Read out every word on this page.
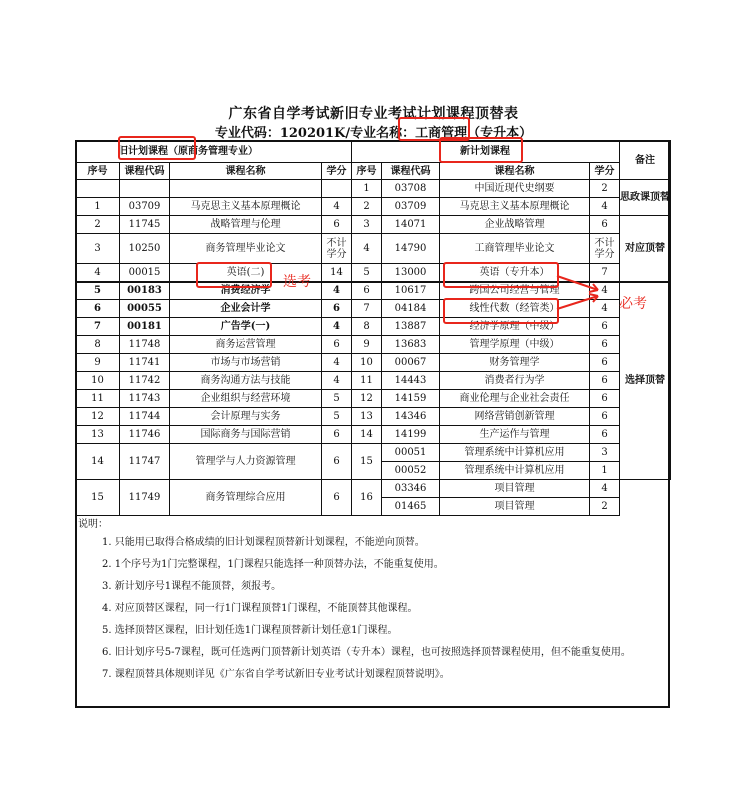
广东省自学考试新旧专业考试计划课程顶替表
专业代码：120201K/专业名称：工商管理（专升本）
旧计划课程（原商务管理专业）				新计划课程				备注
序号	课程代码	课程名称	学分	序号	课程代码	课程名称	学分	
				1	03708	中国近现代史纲要	2	思政课顶替
1	03709	马克思主义基本原理概论	4	2	03709	马克思主义基本原理概论	4	
2	11745	战略管理与伦理	6	3	14071	企业战略管理	6	对应顶替
3	10250	商务管理毕业论文	不计学分	4	14790	工商管理毕业论文	不计学分	
4	00015	英语(二)	14	5	13000	英语（专升本）	7	
5	00183	消费经济学	4	6	10617	跨国公司经营与管理	4	选择顶替
6	00055	企业会计学	6	7	04184	线性代数（经管类）	4	
7	00181	广告学(一)	4	8	13887	经济学原理（中级）	6	
8	11748	商务运营管理	6	9	13683	管理学原理（中级）	6	
9	11741	市场与市场营销	4	10	00067	财务管理学	6	
10	11742	商务沟通方法与技能	4	11	14443	消费者行为学	6	
11	11743	企业组织与经营环境	5	12	14159	商业伦理与企业社会责任	6	
12	11744	会计原理与实务	5	13	14346	网络营销创新管理	6	
13	11746	国际商务与国际营销	6	14	14199	生产运作与管理	6	
14	11747	管理学与人力资源管理	6	15	00051	管理系统中计算机应用	3	
					00052	管理系统中计算机应用	1	
15	11749	商务管理综合应用	6	16	03346	项目管理	4	
					01465	项目管理	2	
说明：
1. 只能用已取得合格成绩的旧计划课程顶替新计划课程，不能逆向顶替。
2. 1个序号为1门完整课程，1门课程只能选择一种顶替办法，不能重复使用。
3. 新计划序号1课程不能顶替，须报考。
4. 对应顶替区课程，同一行1门课程顶替1门课程，不能顶替其他课程。
5. 选择顶替区课程，旧计划任选1门课程顶替新计划任意1门课程。
6. 旧计划序号5-7课程，既可任选两门顶替新计划英语（专升本）课程，也可按照选择顶替课程使用，但不能重复使用。
7. 课程顶替具体规则详见《广东省自学考试新旧专业考试计划课程顶替说明》。
选考
必考
